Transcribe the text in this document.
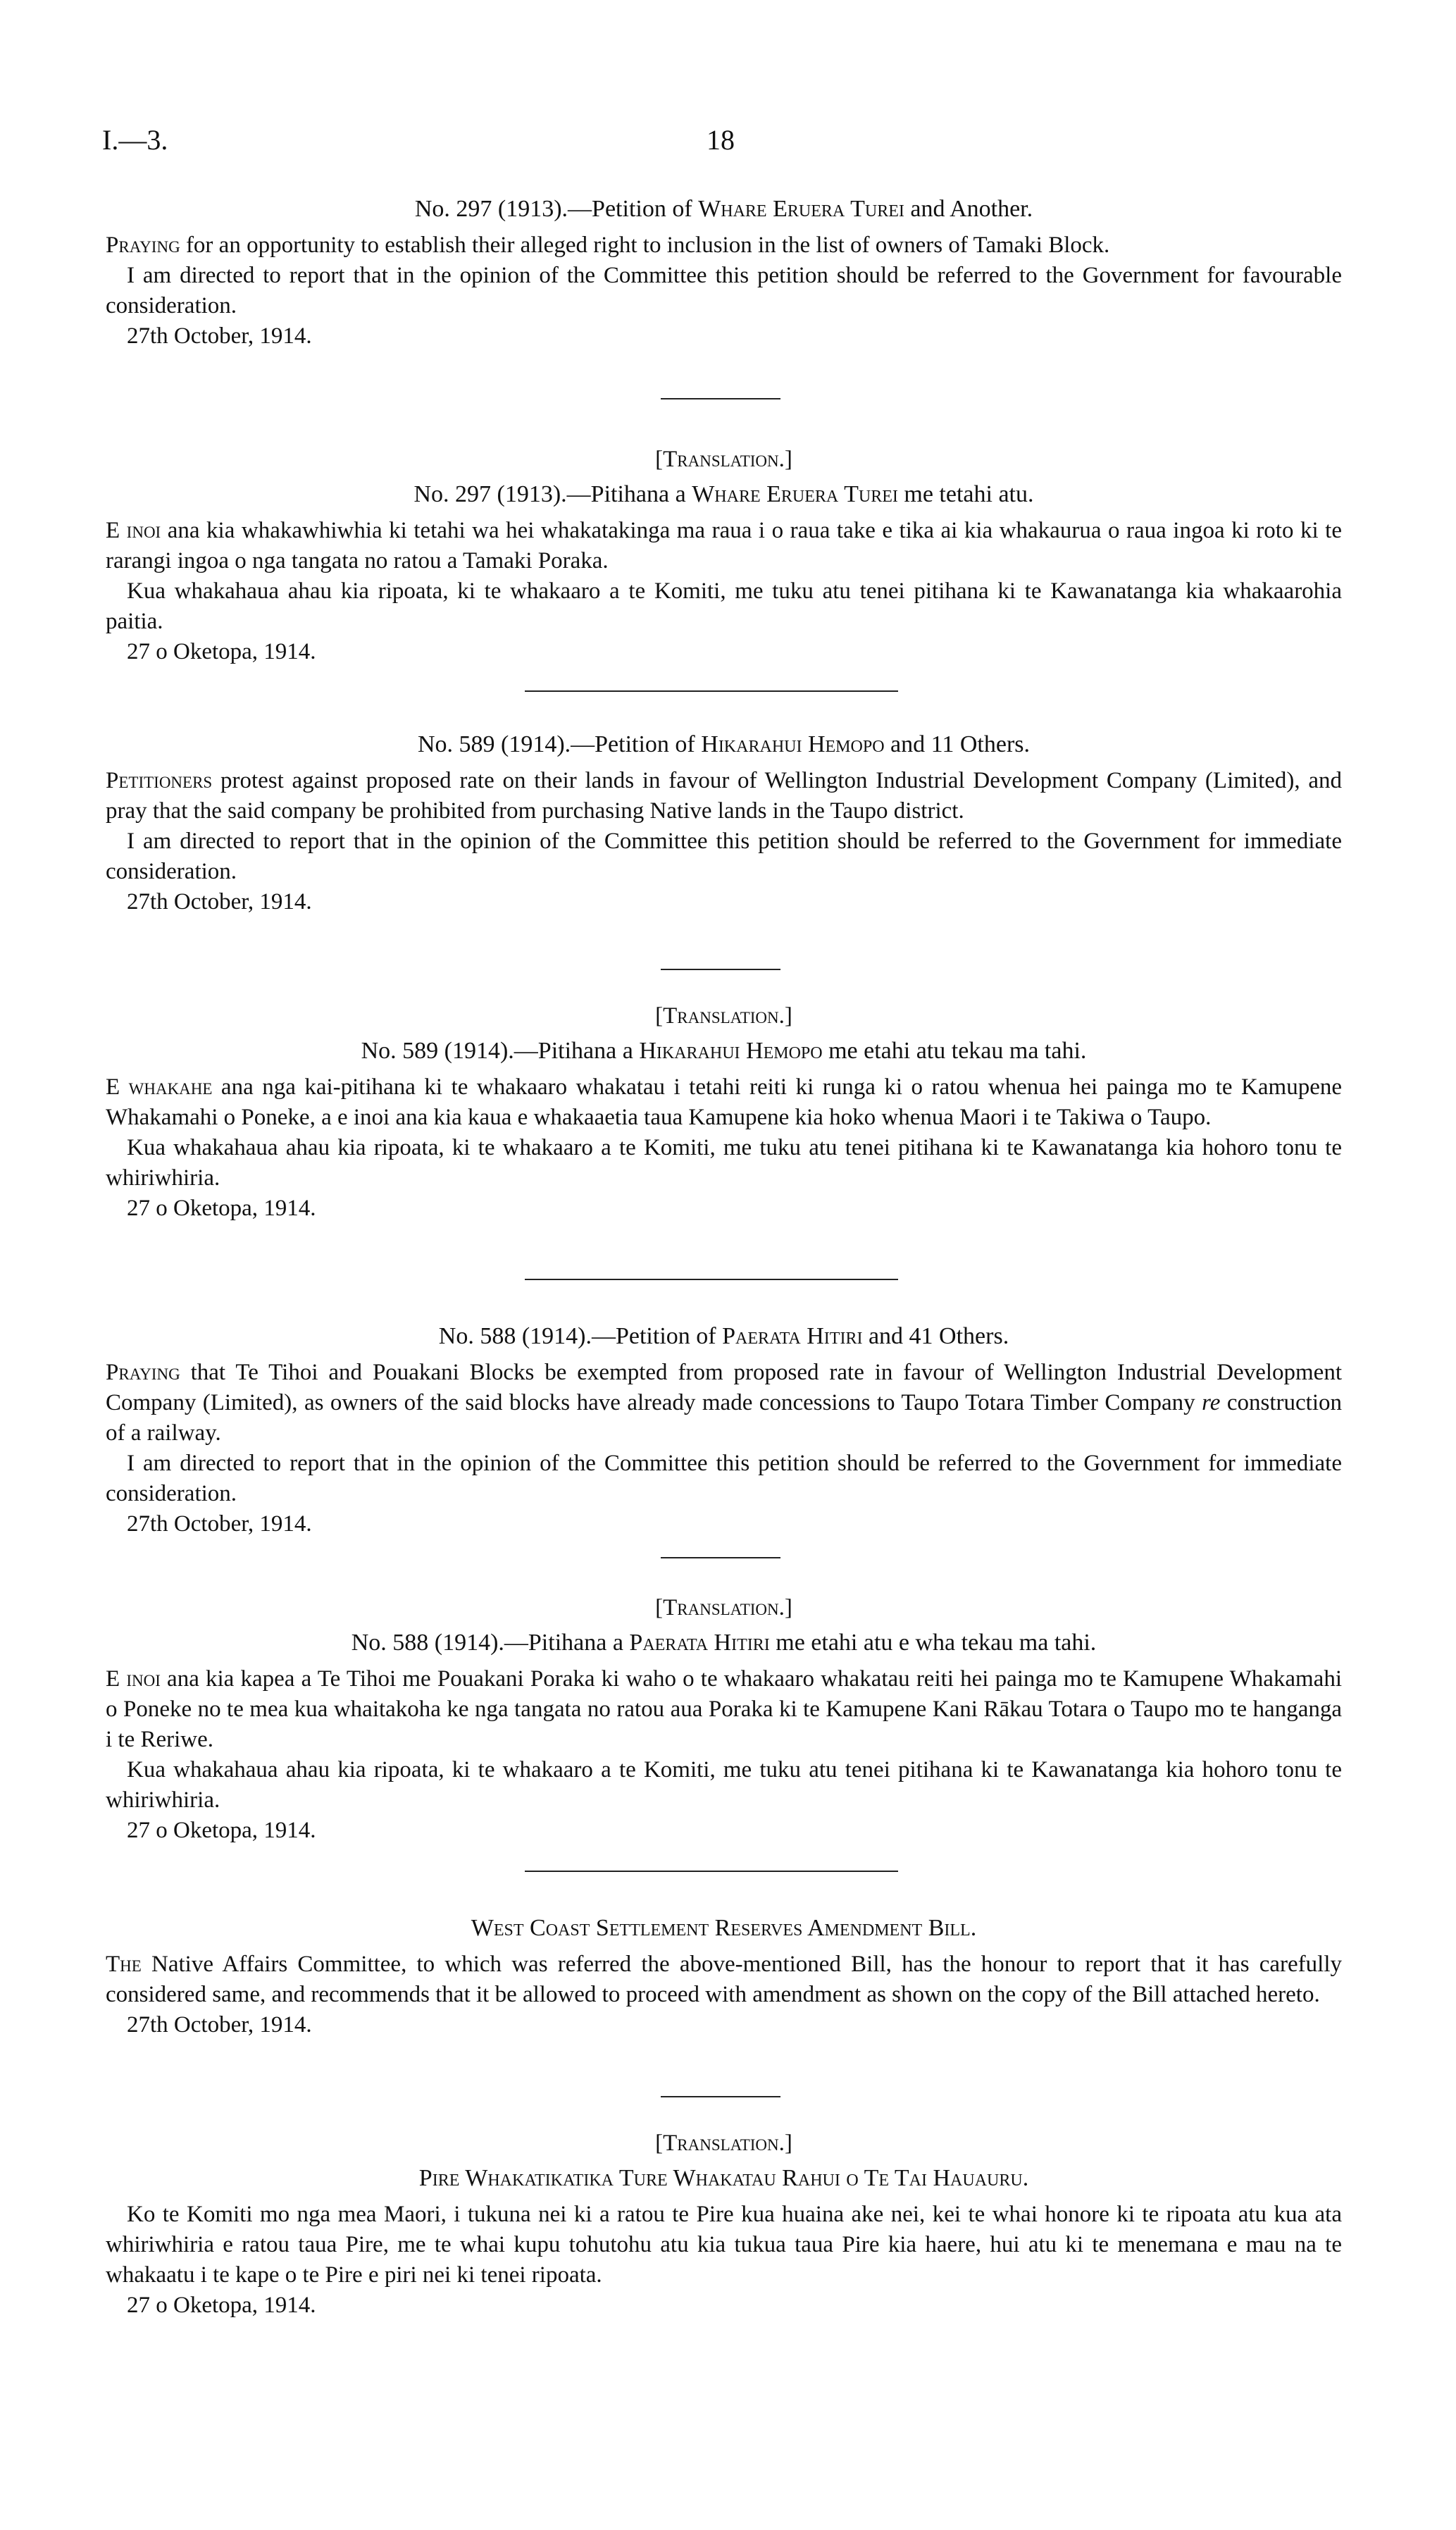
I.—3.	18
No. 297 (1913).—Petition of Whare Eruera Turei and Another.

Praying for an opportunity to establish their alleged right to inclusion in the list of owners of Tamaki Block.

I am directed to report that in the opinion of the Committee this petition should be referred to the Government for favourable consideration.

27th October, 1914.
[Translation.]
No. 297 (1913).—Pitihana a Whare Eruera Turei me tetahi atu.

E inoi ana kia whakawhiwhia ki tetahi wa hei whakatakinga ma raua i o raua take e tika ai kia whakaurua o raua ingoa ki roto ki te rarangi ingoa o nga tangata no ratou a Tamaki Poraka.

Kua whakahaua ahau kia ripoata, ki te whakaaro a te Komiti, me tuku atu tenei pitihana ki te Kawanatanga kia whakaarohia paitia.

27 o Oketopa, 1914.
No. 589 (1914).—Petition of Hikarahui Hemopo and 11 Others.

Petitioners protest against proposed rate on their lands in favour of Wellington Industrial Development Company (Limited), and pray that the said company be prohibited from purchasing Native lands in the Taupo district.

I am directed to report that in the opinion of the Committee this petition should be referred to the Government for immediate consideration.

27th October, 1914.
[Translation.]
No. 589 (1914).—Pitihana a Hikarahui Hemopo me etahi atu tekau ma tahi.

E whakahe ana nga kai-pitihana ki te whakaaro whakatau i tetahi reiti ki runga ki o ratou whenua hei painga mo te Kamupene Whakamahi o Poneke, a e inoi ana kia kaua e whakaaetia taua Kamupene kia hoko whenua Maori i te Takiwa o Taupo.

Kua whakahaua ahau kia ripoata, ki te whakaaro a te Komiti, me tuku atu tenei pitihana ki te Kawanatanga kia hohoro tonu te whiriwhiria.

27 o Oketopa, 1914.
No. 588 (1914).—Petition of Paerata Hitiri and 41 Others.

Praying that Te Tihoi and Pouakani Blocks be exempted from proposed rate in favour of Wellington Industrial Development Company (Limited), as owners of the said blocks have already made concessions to Taupo Totara Timber Company re construction of a railway.

I am directed to report that in the opinion of the Committee this petition should be referred to the Government for immediate consideration.

27th October, 1914.
[Translation.]
No. 588 (1914).—Pitihana a Paerata Hitiri me etahi atu e wha tekau ma tahi.

E inoi ana kia kapea a Te Tihoi me Pouakani Poraka ki waho o te whakaaro whakatau reiti hei painga mo te Kamupene Whakamahi o Poneke no te mea kua whaitakoha ke nga tangata no ratou aua Poraka ki te Kamupene Kani Rākau Totara o Taupo mo te hanganga i te Reriwe.

Kua whakahaua ahau kia ripoata, ki te whakaaro a te Komiti, me tuku atu tenei pitihana ki te Kawanatanga kia hohoro tonu te whiriwhiria.

27 o Oketopa, 1914.
West Coast Settlement Reserves Amendment Bill.

The Native Affairs Committee, to which was referred the above-mentioned Bill, has the honour to report that it has carefully considered same, and recommends that it be allowed to proceed with amendment as shown on the copy of the Bill attached hereto.

27th October, 1914.
[Translation.]
Pire Whakatikatika Ture Whakatau Rahui o Te Tai Hauauru.

Ko te Komiti mo nga mea Maori, i tukuna nei ki a ratou te Pire kua huaina ake nei, kei te whai honore ki te ripoata atu kua ata whiriwhiria e ratou taua Pire, me te whai kupu tohutohu atu kia tukua taua Pire kia haere, hui atu ki te menemana e mau na te whakaatu i te kape o te Pire e piri nei ki tenei ripoata.

27 o Oketopa, 1914.
